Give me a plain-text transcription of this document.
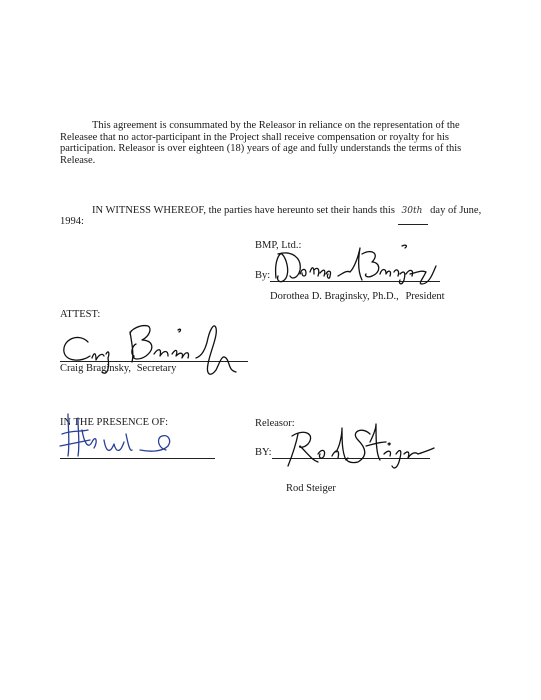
This agreement is consummated by the Releasor in reliance on the representation of the Releasee that no actor-participant in the Project shall receive compensation or royalty for his participation. Releasor is over eighteen (18) years of age and fully understands the terms of this Release.
IN WITNESS WHEREOF, the parties have hereunto set their hands this 30th day of June,
1994:
BMP, Ltd.:
By:
Dorothea D. Braginsky, Ph.D., President
ATTEST:
Craig Braginsky, Secretary
IN THE PRESENCE OF:	Releasor:
BY:
Rod Steiger
